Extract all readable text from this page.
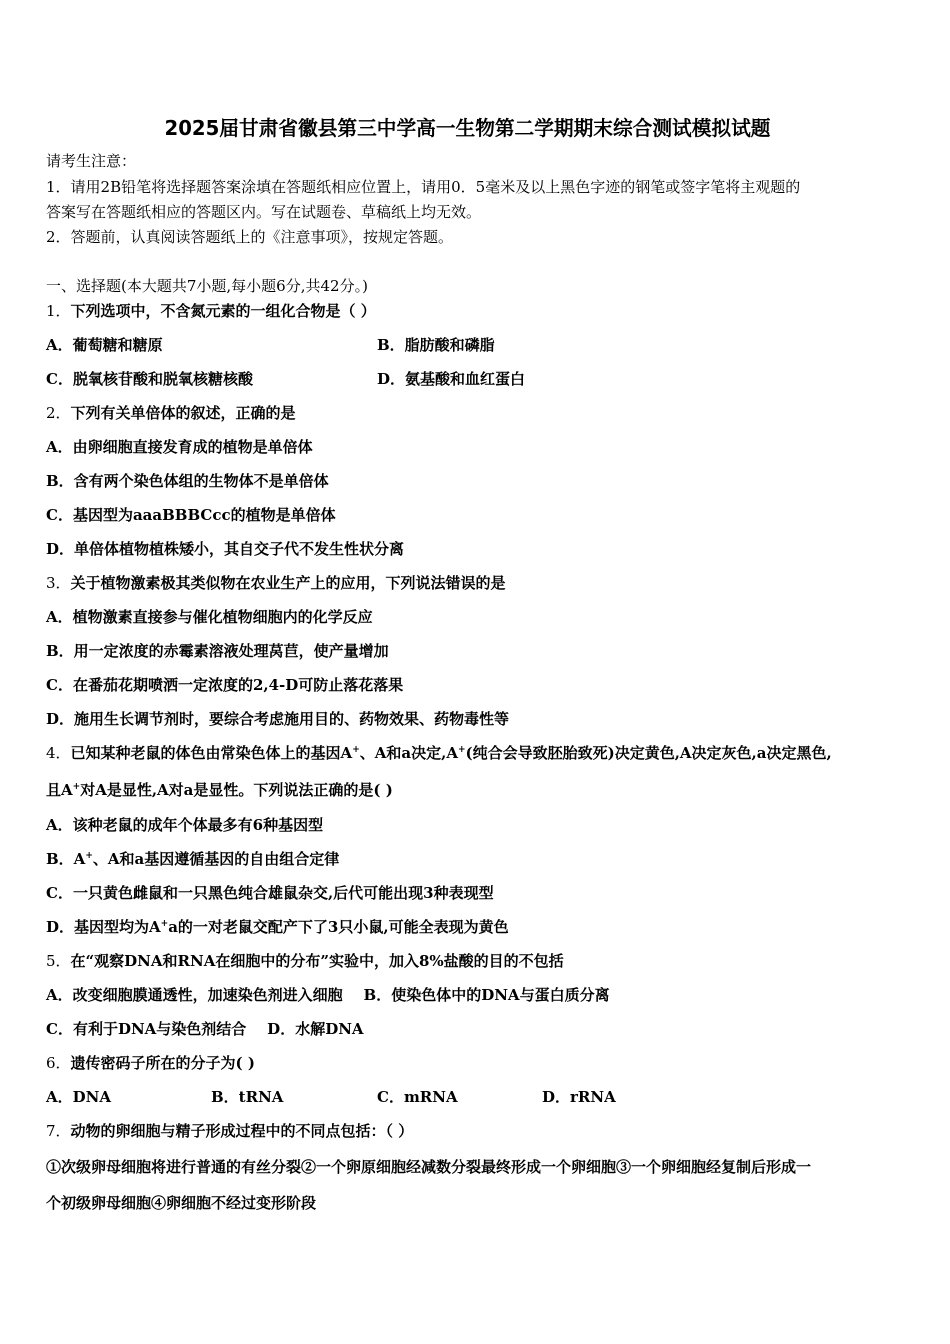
2025届甘肃省徽县第三中学高一生物第二学期期末综合测试模拟试题
请考生注意：
1．请用2B铅笔将选择题答案涂填在答题纸相应位置上，请用0．5毫米及以上黑色字迹的钢笔或签字笔将主观题的
答案写在答题纸相应的答题区内。写在试题卷、草稿纸上均无效。
2．答题前，认真阅读答题纸上的《注意事项》，按规定答题。
一、选择题(本大题共7小题,每小题6分,共42分。)
1．下列选项中，不含氮元素的一组化合物是（ ）
A．葡萄糖和糖原	B．脂肪酸和磷脂
C．脱氧核苷酸和脱氧核糖核酸	D．氨基酸和血红蛋白
2．下列有关单倍体的叙述，正确的是
A．由卵细胞直接发育成的植物是单倍体
B．含有两个染色体组的生物体不是单倍体
C．基因型为aaaBBBCcc的植物是单倍体
D．单倍体植物植株矮小，其自交子代不发生性状分离
3．关于植物激素极其类似物在农业生产上的应用，下列说法错误的是
A．植物激素直接参与催化植物细胞内的化学反应
B．用一定浓度的赤霉素溶液处理莴苣，使产量增加
C．在番茄花期喷洒一定浓度的2,4-D可防止落花落果
D．施用生长调节剂时，要综合考虑施用目的、药物效果、药物毒性等
4．已知某种老鼠的体色由常染色体上的基因A+、A和a决定,A+(纯合会导致胚胎致死)决定黄色,A决定灰色,a决定黑色,
且A+对A是显性,A对a是显性。下列说法正确的是( )
A．该种老鼠的成年个体最多有6种基因型
B．A+、A和a基因遵循基因的自由组合定律
C．一只黄色雌鼠和一只黑色纯合雄鼠杂交,后代可能出现3种表现型
D．基因型均为A+a的一对老鼠交配产下了3只小鼠,可能全表现为黄色
5．在“观察DNA和RNA在细胞中的分布”实验中，加入8%盐酸的目的不包括
A．改变细胞膜通透性，加速染色剂进入细胞    B．使染色体中的DNA与蛋白质分离
C．有利于DNA与染色剂结合    D．水解DNA
6．遗传密码子所在的分子为( )
A．DNA	B．tRNA	C．mRNA	D．rRNA
7．动物的卵细胞与精子形成过程中的不同点包括：（ ）
①次级卵母细胞将进行普通的有丝分裂②一个卵原细胞经减数分裂最终形成一个卵细胞③一个卵细胞经复制后形成一
个初级卵母细胞④卵细胞不经过变形阶段
